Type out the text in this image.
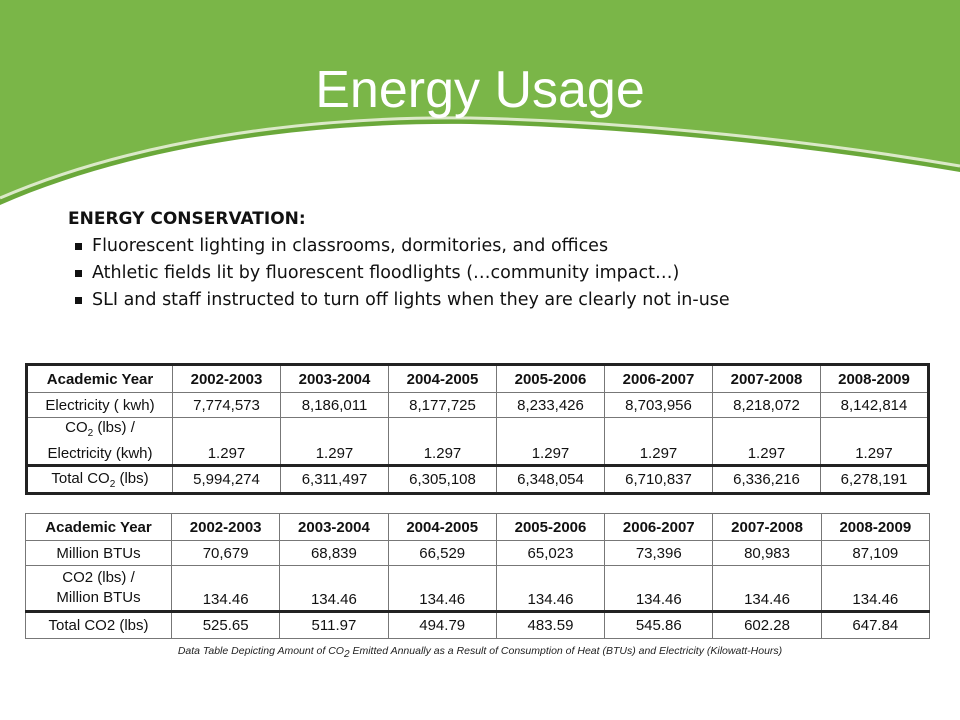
Energy Usage
ENERGY CONSERVATION:
Fluorescent lighting in classrooms, dormitories, and offices
Athletic fields lit by fluorescent floodlights (…community impact…)
SLI and staff instructed to turn off lights when they are clearly not in-use
Academic Year	2002-2003	2003-2004	2004-2005	2005-2006	2006-2007	2007-2008	2008-2009
Electricity ( kwh)	7,774,573	8,186,011	8,177,725	8,233,426	8,703,956	8,218,072	8,142,814
$CO_2$ (lbs) /
Electricity (kwh)	1.297	1.297	1.297	1.297	1.297	1.297	1.297
Total $CO_2$ (lbs)	5,994,274	6,311,497	6,305,108	6,348,054	6,710,837	6,336,216	6,278,191
Academic Year	2002-2003	2003-2004	2004-2005	2005-2006	2006-2007	2007-2008	2008-2009
Million BTUs	70,679	68,839	66,529	65,023	73,396	80,983	87,109
CO2 (lbs) /
Million BTUs	134.46	134.46	134.46	134.46	134.46	134.46	134.46
Total CO2 (lbs)	525.65	511.97	494.79	483.59	545.86	602.28	647.84
Data Table Depicting Amount of $CO_2$ Emitted Annually as a Result of Consumption of Heat (BTUs) and Electricity (Kilowatt-Hours)
